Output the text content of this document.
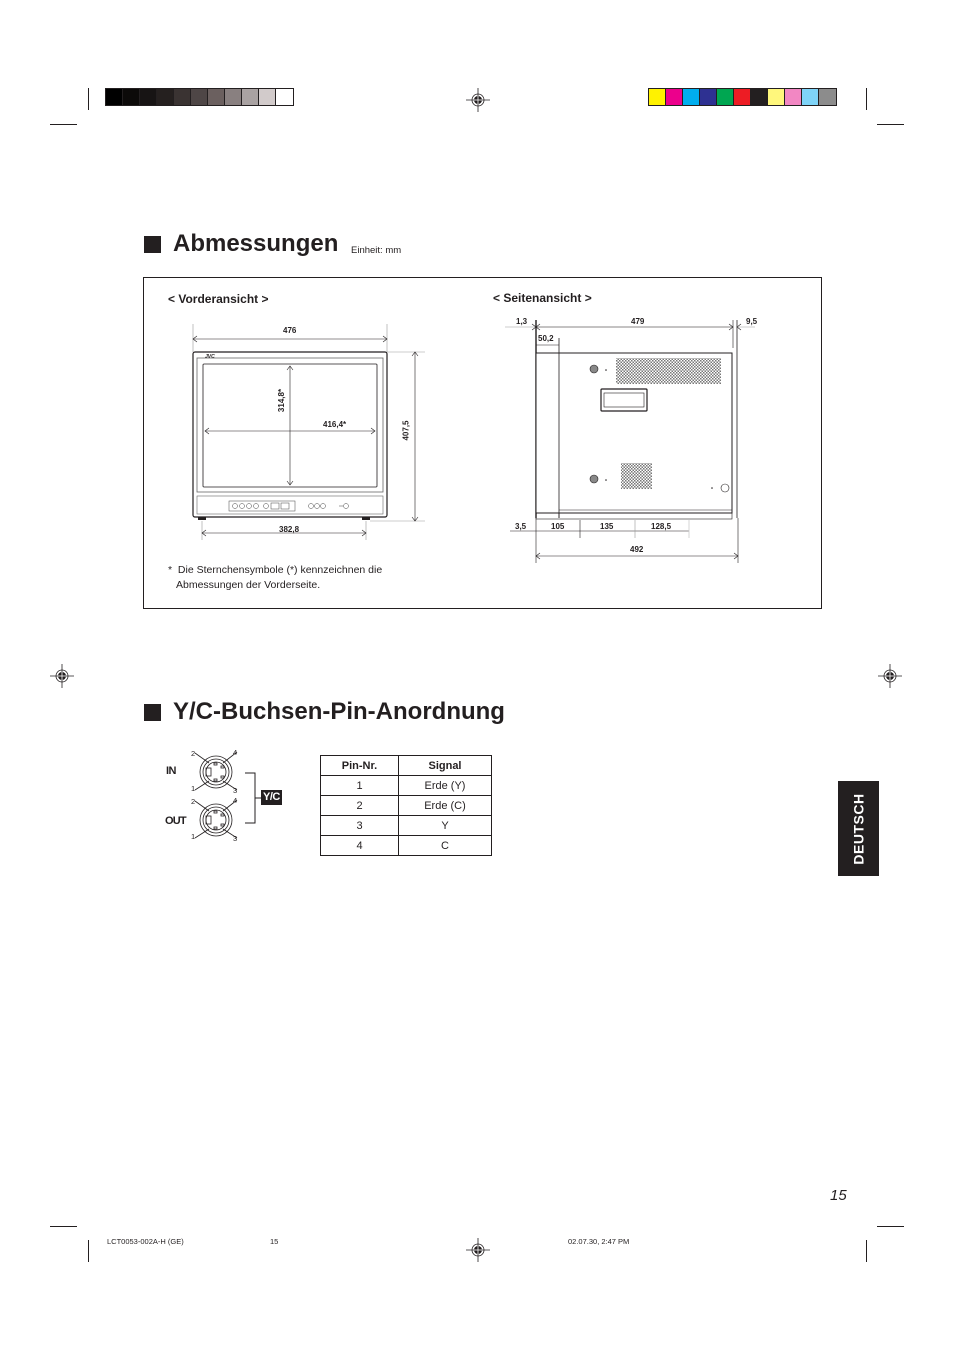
Abmessungen Einheit: mm
< Vorderansicht >	< Seitenansicht >
JVC
476
314,8*
416,4*	407,5
382,8
1,3	479	9,5
50,2
3,5	105	135	128,5
492
*  Die Sternchensymbole (*) kennzeichnen die
Abmessungen der Vorderseite.
Y/C-Buchsen-Pin-Anordnung
2	4
1	3
2	4
1	3
IN
OUT
Y/C
Pin-Nr.	Signal
1	Erde (Y)
2	Erde (C)
3	Y
4	C	DEUTSCH
15
LCT0053-002A-H (GE)	15	02.07.30, 2:47 PM
